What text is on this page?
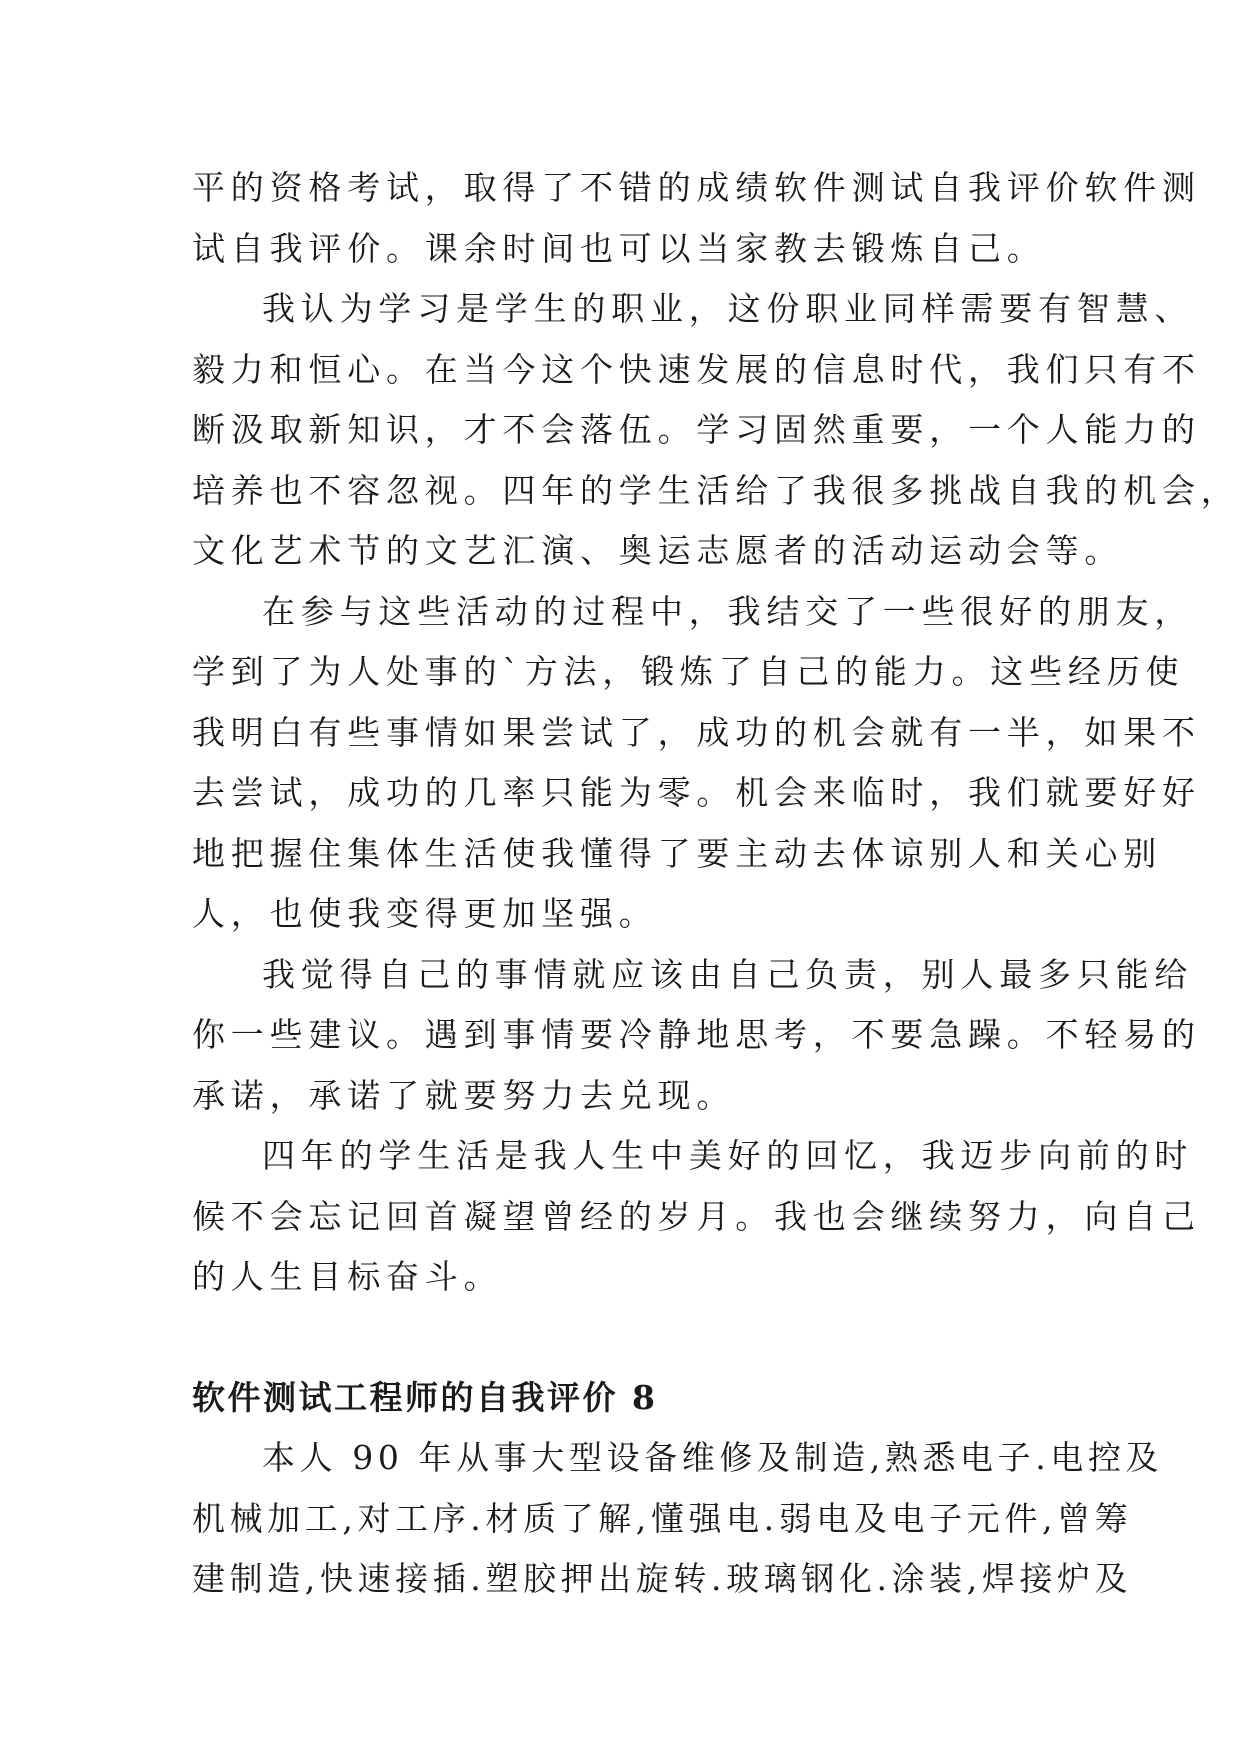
平的资格考试，取得了不错的成绩软件测试自我评价软件测
试自我评价。课余时间也可以当家教去锻炼自己。

我认为学习是学生的职业，这份职业同样需要有智慧、
毅力和恒心。在当今这个快速发展的信息时代，我们只有不
断汲取新知识，才不会落伍。学习固然重要，一个人能力的
培养也不容忽视。四年的学生活给了我很多挑战自我的机会，
文化艺术节的文艺汇演、奥运志愿者的活动运动会等。

在参与这些活动的过程中，我结交了一些很好的朋友，
学到了为人处事的`方法，锻炼了自己的能力。这些经历使
我明白有些事情如果尝试了，成功的机会就有一半，如果不
去尝试，成功的几率只能为零。机会来临时，我们就要好好
地把握住集体生活使我懂得了要主动去体谅别人和关心别
人，也使我变得更加坚强。

我觉得自己的事情就应该由自己负责，别人最多只能给
你一些建议。遇到事情要冷静地思考，不要急躁。不轻易的
承诺，承诺了就要努力去兑现。

四年的学生活是我人生中美好的回忆，我迈步向前的时
候不会忘记回首凝望曾经的岁月。我也会继续努力，向自己
的人生目标奋斗。

软件测试工程师的自我评价 8

本人 90 年从事大型设备维修及制造,熟悉电子.电控及
机械加工,对工序.材质了解,懂强电.弱电及电子元件,曾筹
建制造,快速接插.塑胶押出旋转.玻璃钢化.涂装,焊接炉及
